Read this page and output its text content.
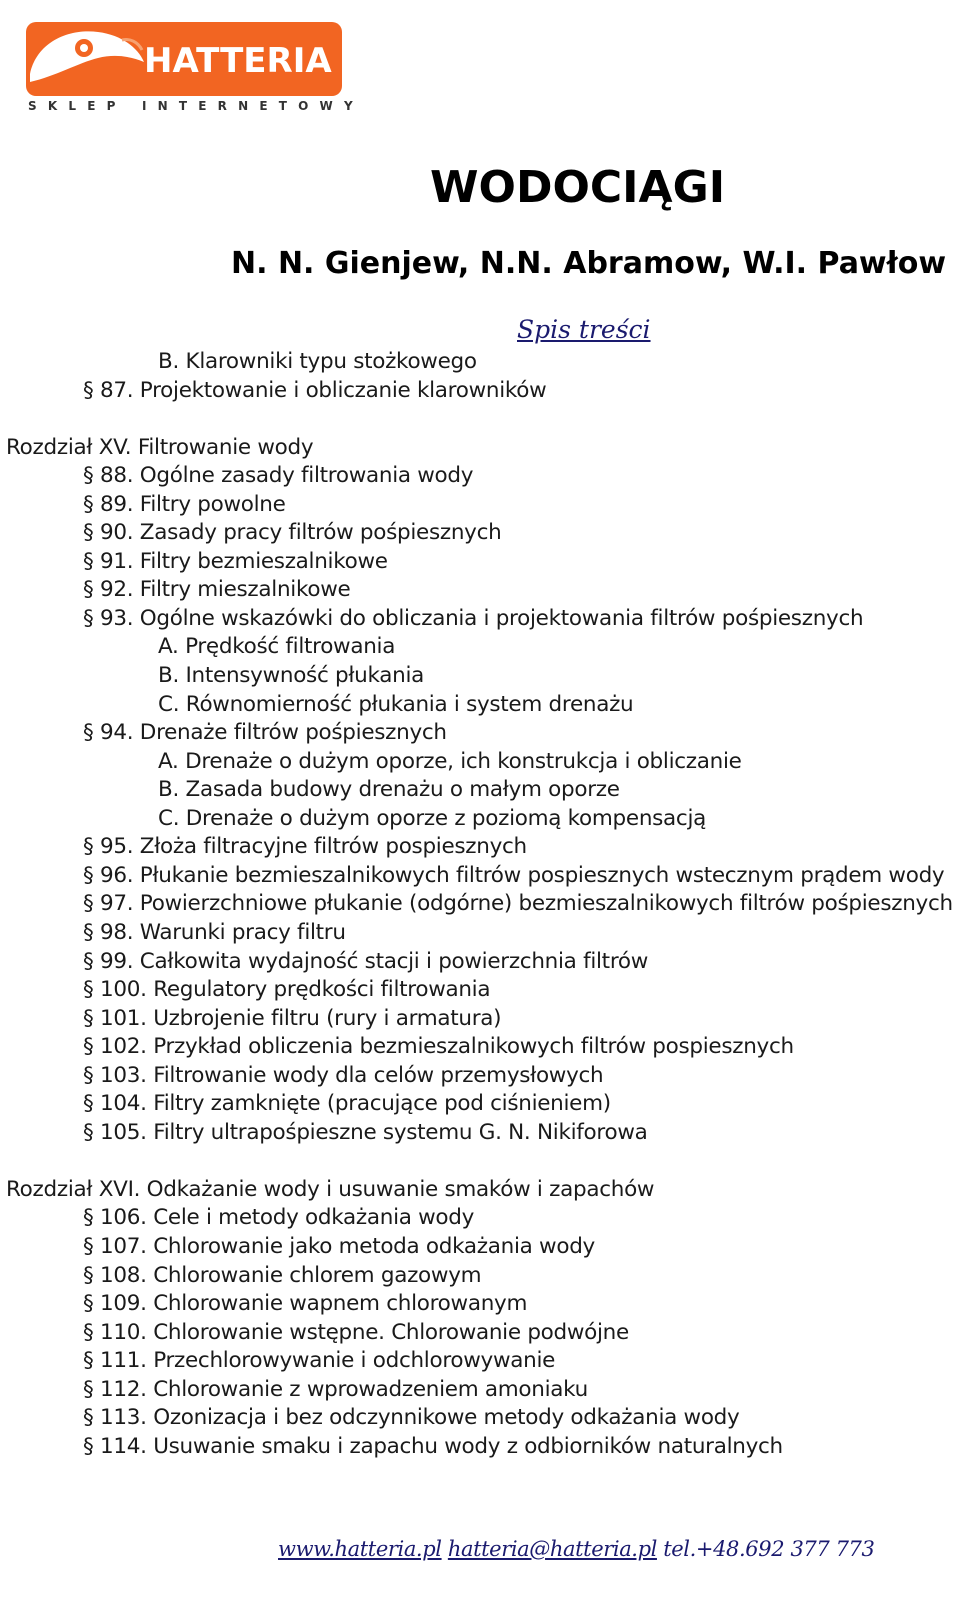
HATTERIA
SKLEP INTERNETOWY
WODOCIĄGI
N. N. Gienjew, N.N. Abramow, W.I. Pawłow
Spis treści
B. Klarowniki typu stożkowego
§ 87. Projektowanie i obliczanie klarowników
Rozdział XV. Filtrowanie wody
§ 88. Ogólne zasady filtrowania wody
§ 89. Filtry powolne
§ 90. Zasady pracy filtrów pośpiesznych
§ 91. Filtry bezmieszalnikowe
§ 92. Filtry mieszalnikowe
§ 93. Ogólne wskazówki do obliczania i projektowania filtrów pośpiesznych
A. Prędkość filtrowania
B. Intensywność płukania
C. Równomierność płukania i system drenażu
§ 94. Drenaże filtrów pośpiesznych
A. Drenaże o dużym oporze, ich konstrukcja i obliczanie
B. Zasada budowy drenażu o małym oporze
C. Drenaże o dużym oporze z poziomą kompensacją
§ 95. Złoża filtracyjne filtrów pospiesznych
§ 96. Płukanie bezmieszalnikowych filtrów pospiesznych wstecznym prądem wody
§ 97. Powierzchniowe płukanie (odgórne) bezmieszalnikowych filtrów pośpiesznych
§ 98. Warunki pracy filtru
§ 99. Całkowita wydajność stacji i powierzchnia filtrów
§ 100. Regulatory prędkości filtrowania
§ 101. Uzbrojenie filtru (rury i armatura)
§ 102. Przykład obliczenia bezmieszalnikowych filtrów pospiesznych
§ 103. Filtrowanie wody dla celów przemysłowych
§ 104. Filtry zamknięte (pracujące pod ciśnieniem)
§ 105. Filtry ultrapośpieszne systemu G. N. Nikiforowa
Rozdział XVI. Odkażanie wody i usuwanie smaków i zapachów
§ 106. Cele i metody odkażania wody
§ 107. Chlorowanie jako metoda odkażania wody
§ 108. Chlorowanie chlorem gazowym
§ 109. Chlorowanie wapnem chlorowanym
§ 110. Chlorowanie wstępne. Chlorowanie podwójne
§ 111. Przechlorowywanie i odchlorowywanie
§ 112. Chlorowanie z wprowadzeniem amoniaku
§ 113. Ozonizacja i bez odczynnikowe metody odkażania wody
§ 114. Usuwanie smaku i zapachu wody z odbiorników naturalnych
www.hatteria.pl hatteria@hatteria.pl tel.+48.692 377 773
